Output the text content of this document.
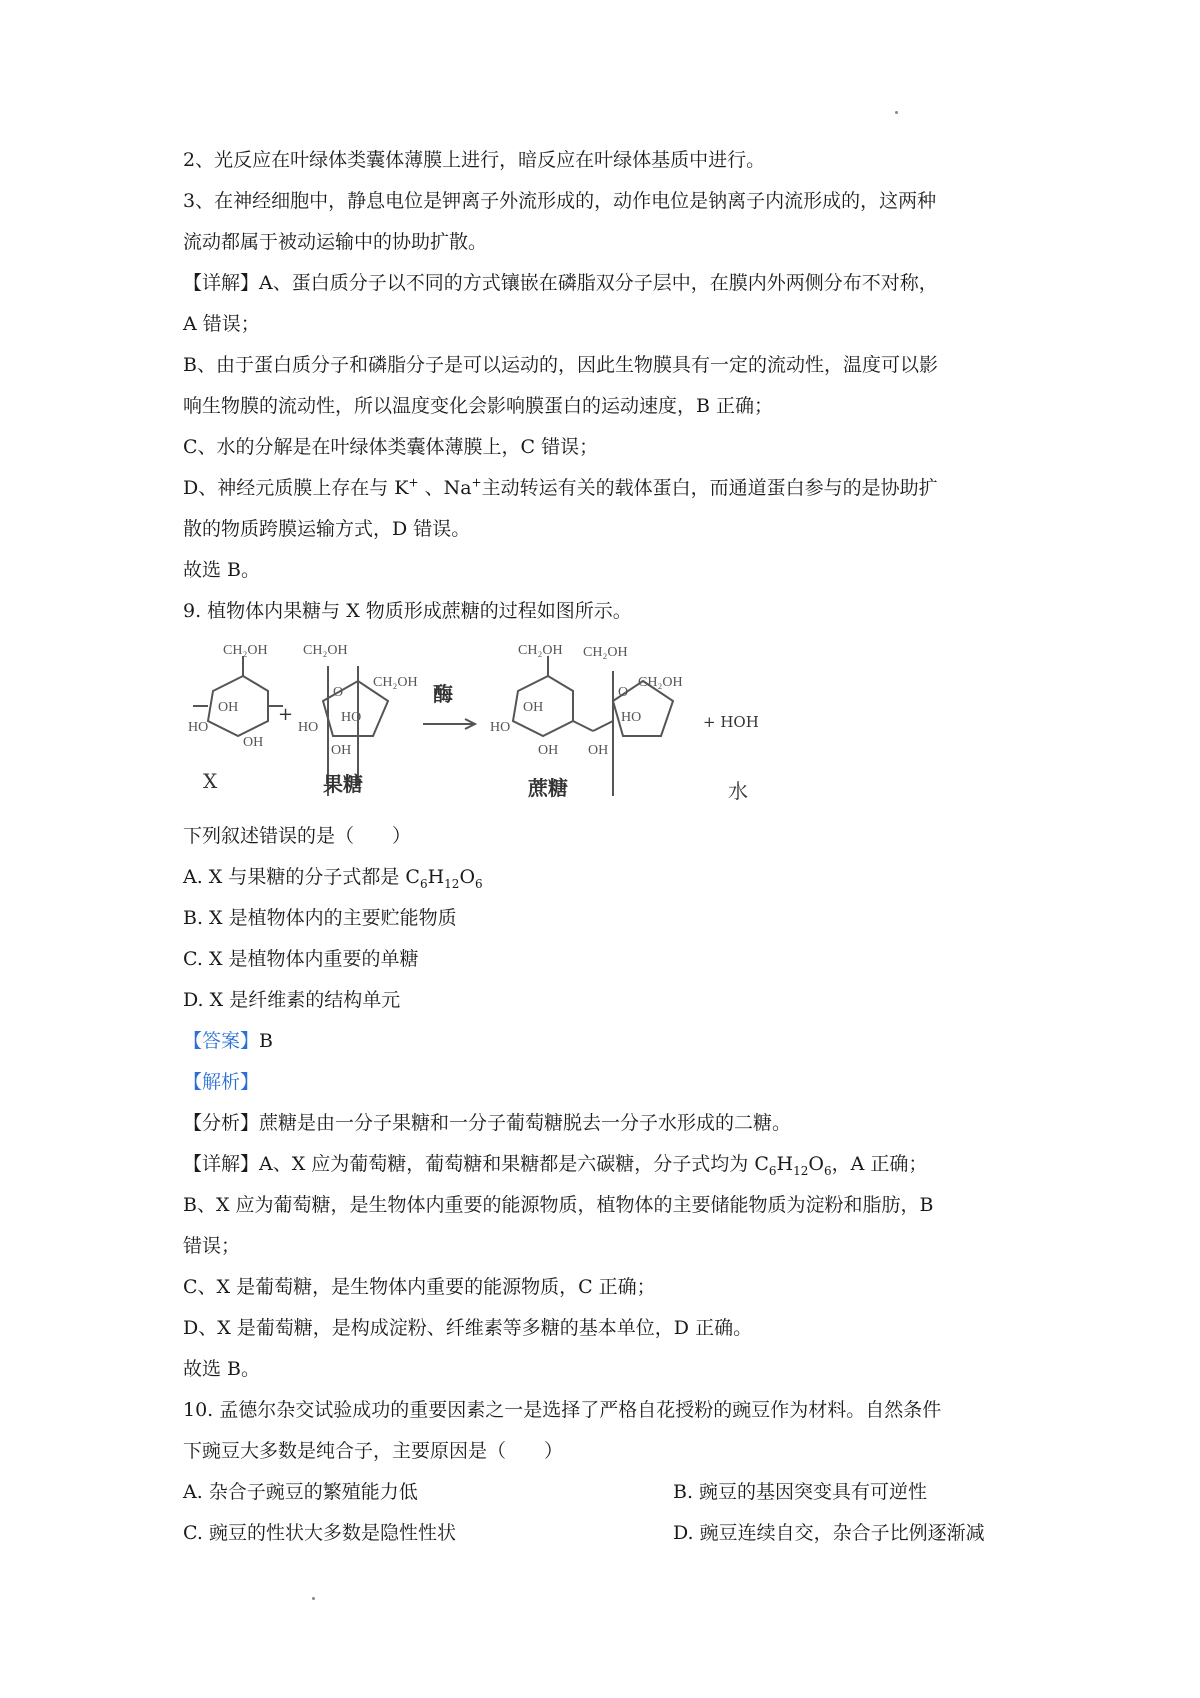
2、光反应在叶绿体类囊体薄膜上进行，暗反应在叶绿体基质中进行。

3、在神经细胞中，静息电位是钾离子外流形成的，动作电位是钠离子内流形成的，这两种

流动都属于被动运输中的协助扩散。

【详解】A、蛋白质分子以不同的方式镶嵌在磷脂双分子层中，在膜内外两侧分布不对称，

A 错误；

B、由于蛋白质分子和磷脂分子是可以运动的，因此生物膜具有一定的流动性，温度可以影

响生物膜的流动性，所以温度变化会影响膜蛋白的运动速度，B 正确；

C、水的分解是在叶绿体类囊体薄膜上，C 错误；

D、神经元质膜上存在与 K+ 、Na+主动转运有关的载体蛋白，而通道蛋白参与的是协助扩

散的物质跨膜运输方式，D 错误。

故选 B。

9. 植物体内果糖与 X 物质形成蔗糖的过程如图所示。

CH₂OH
OH
HO
OH
CH₂OH
O
CH₂OH
HO
HO
OH
CH₂OH
OH
HO
OH
CH₂OH
O
CH₂OH
HO
OH
X
+
果糖
酶
蔗糖
+ HOH
水

下列叙述错误的是（　　）

A. X 与果糖的分子式都是 $C_6H_{12}O_6$

B. X 是植物体内的主要贮能物质

C. X 是植物体内重要的单糖

D. X 是纤维素的结构单元

【答案】B

【解析】

【分析】蔗糖是由一分子果糖和一分子葡萄糖脱去一分子水形成的二糖。

【详解】A、X 应为葡萄糖，葡萄糖和果糖都是六碳糖，分子式均为 $C_6H_{12}O_6$，A 正确；

B、X 应为葡萄糖，是生物体内重要的能源物质，植物体的主要储能物质为淀粉和脂肪，B

错误；

C、X 是葡萄糖，是生物体内重要的能源物质，C 正确；

D、X 是葡萄糖，是构成淀粉、纤维素等多糖的基本单位，D 正确。

故选 B。

10. 孟德尔杂交试验成功的重要因素之一是选择了严格自花授粉的豌豆作为材料。自然条件

下豌豆大多数是纯合子，主要原因是（　　）

A. 杂合子豌豆的繁殖能力低	B. 豌豆的基因突变具有可逆性
C. 豌豆的性状大多数是隐性性状	D. 豌豆连续自交，杂合子比例逐渐减
